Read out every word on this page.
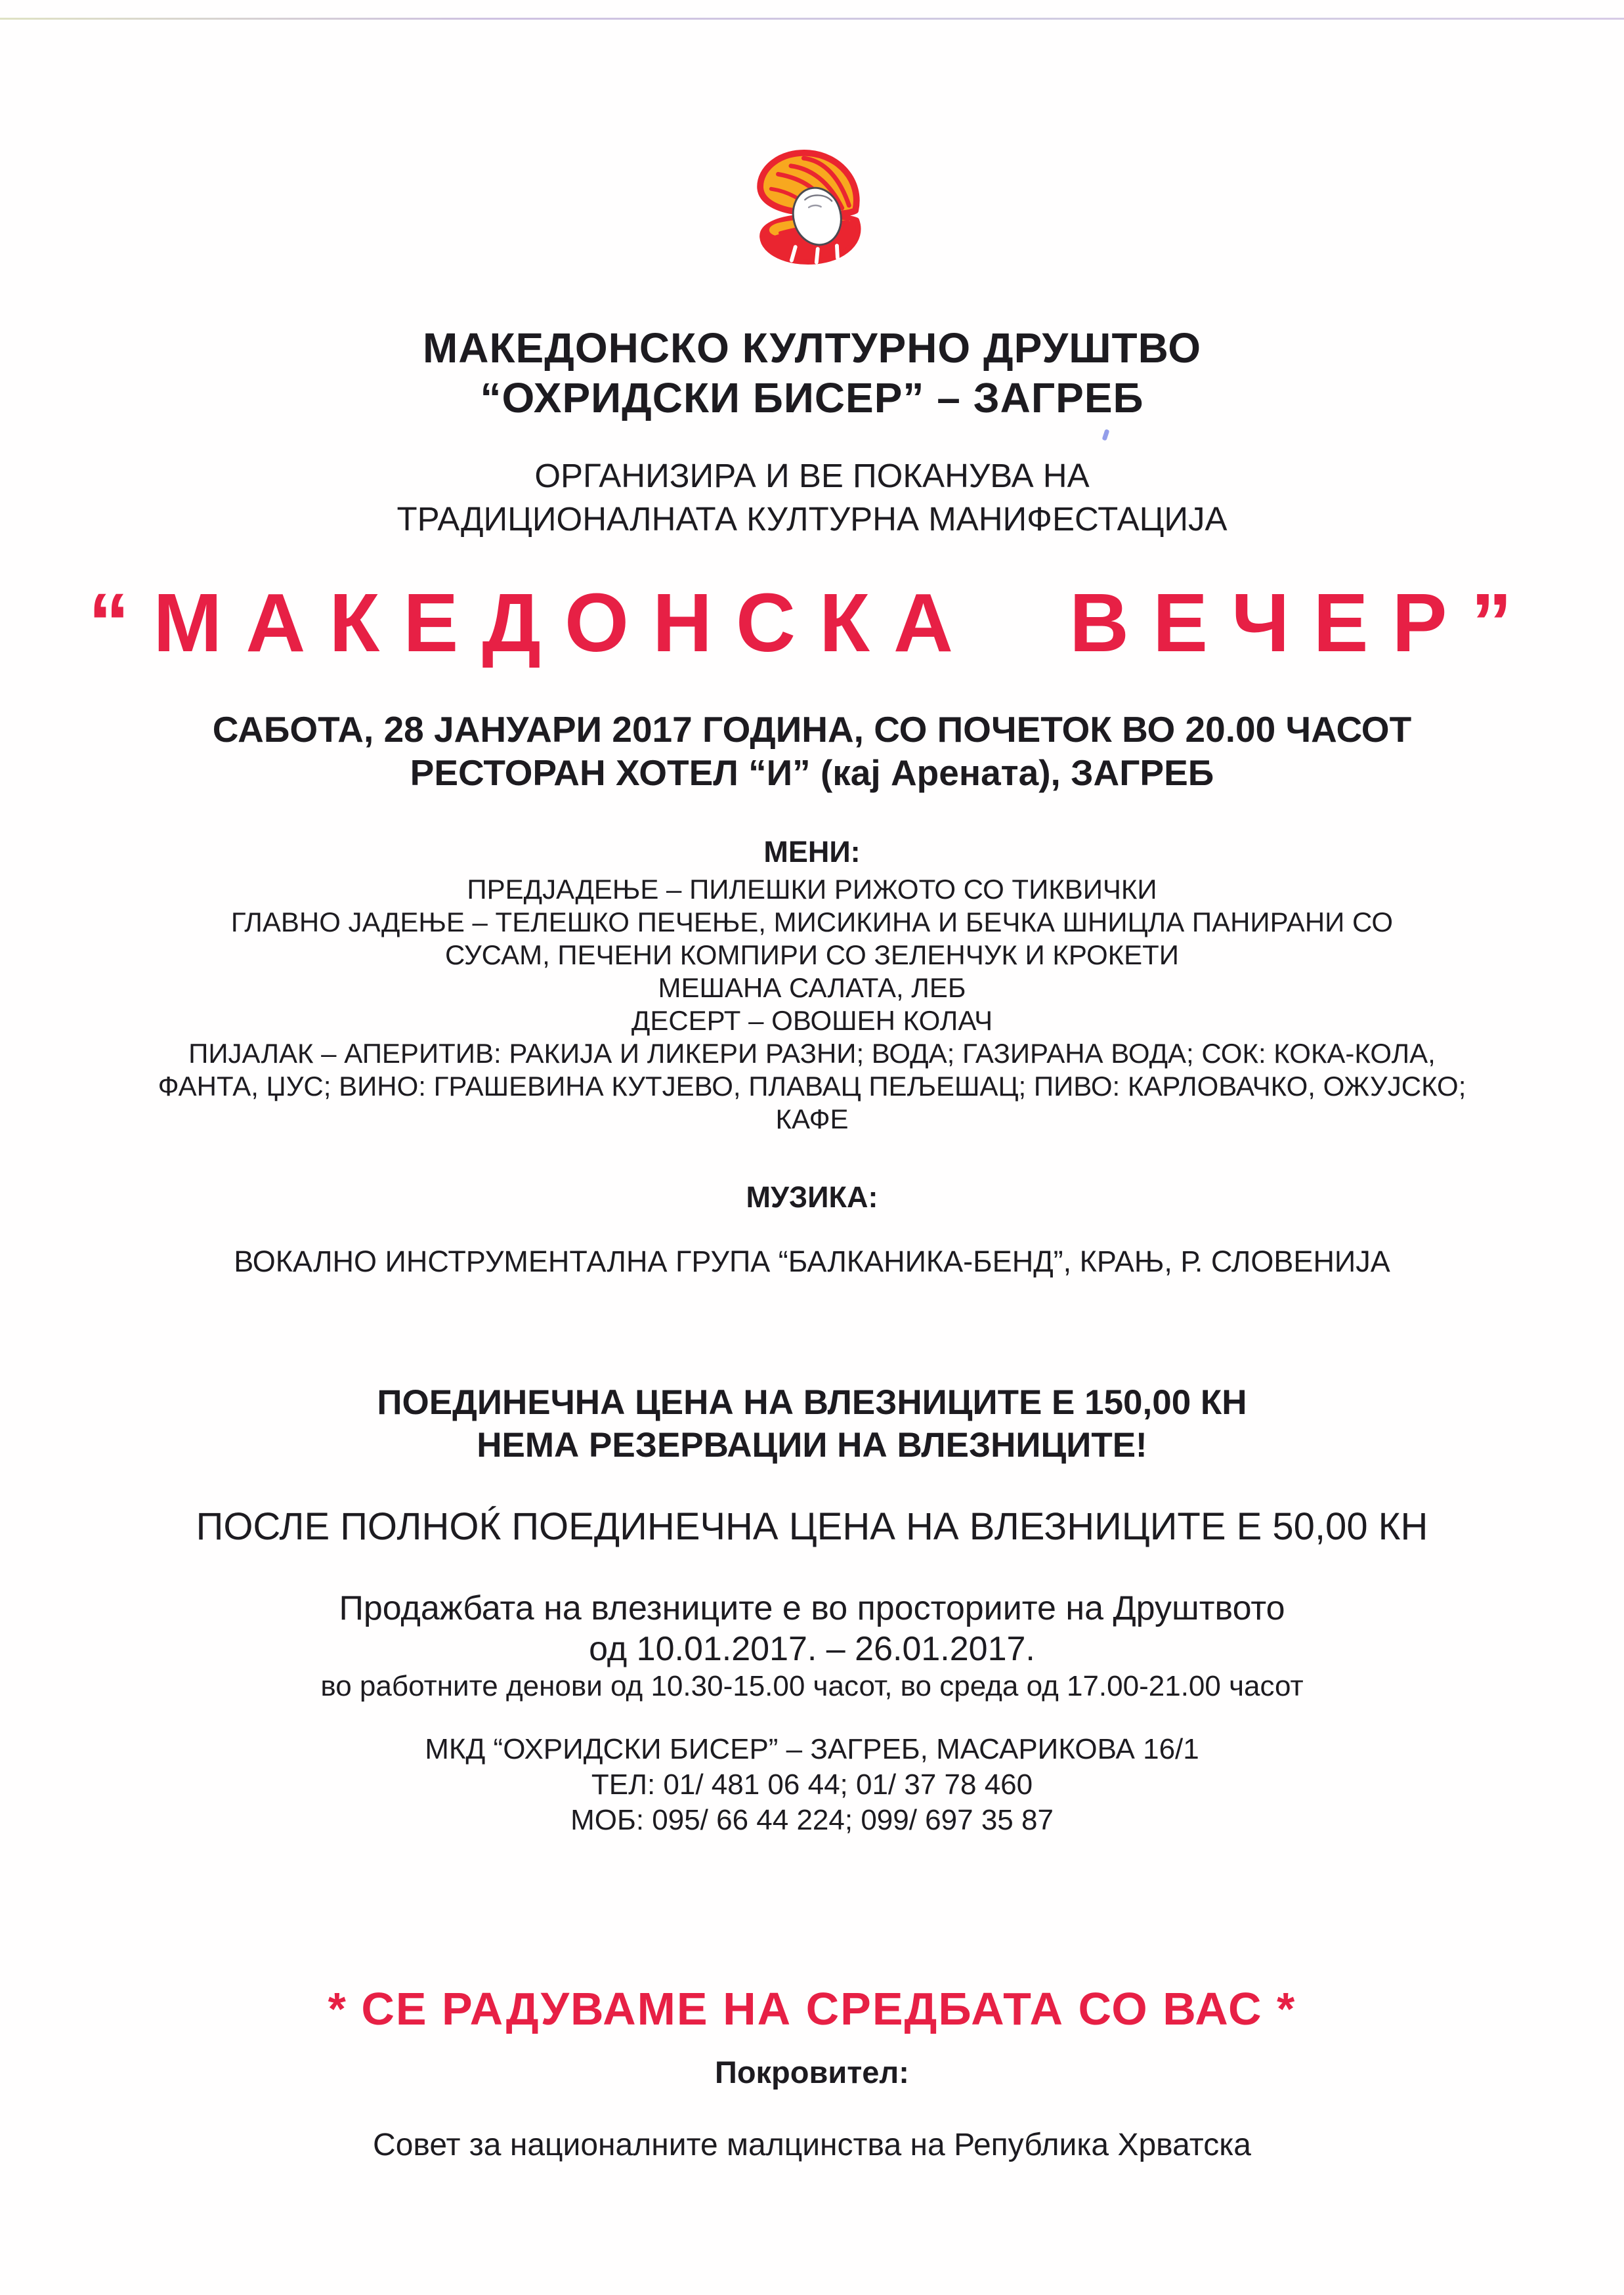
МАКЕДОНСКО КУЛТУРНО ДРУШТВО
“ОХРИДСКИ БИСЕР” – ЗАГРЕБ
ОРГАНИЗИРА И ВЕ ПОКАНУВА НА
ТРАДИЦИОНАЛНАТА КУЛТУРНА МАНИФЕСТАЦИЈА
“МАКЕДОНСКА ВЕЧЕР”
САБОТА, 28 ЈАНУАРИ 2017 ГОДИНА, СО ПОЧЕТОК ВО 20.00 ЧАСОТ
РЕСТОРАН ХОТЕЛ “И” (кај Арената), ЗАГРЕБ
МЕНИ:
ПРЕДЈАДЕЊЕ – ПИЛЕШКИ РИЖОТО СО ТИКВИЧКИ
ГЛАВНО ЈАДЕЊЕ – ТЕЛЕШКО ПЕЧЕЊЕ, МИСИКИНА И БЕЧКА ШНИЦЛА ПАНИРАНИ СО
СУСАМ, ПЕЧЕНИ КОМПИРИ СО ЗЕЛЕНЧУК И КРОКЕТИ
МЕШАНА САЛАТА, ЛЕБ
ДЕСЕРТ – ОВОШЕН КОЛАЧ
ПИЈАЛАК – АПЕРИТИВ: РАКИЈА И ЛИКЕРИ РАЗНИ; ВОДА; ГАЗИРАНА ВОДА; СОК: КОКА-КОЛА,
ФАНТА, ЏУС; ВИНО: ГРАШЕВИНА КУТЈЕВО, ПЛАВАЦ ПЕЉЕШАЦ; ПИВО: КАРЛОВАЧКО, ОЖУЈСКО;
КАФЕ
МУЗИКА:
ВОКАЛНО ИНСТРУМЕНТАЛНА ГРУПА “БАЛКАНИКА-БЕНД”, КРАЊ, Р. СЛОВЕНИЈА
ПОЕДИНЕЧНА ЦЕНА НА ВЛЕЗНИЦИТЕ Е 150,00 КН
НЕМА РЕЗЕРВАЦИИ НА ВЛЕЗНИЦИТЕ!
ПОСЛЕ ПОЛНОЌ ПОЕДИНЕЧНА ЦЕНА НА ВЛЕЗНИЦИТЕ Е 50,00 КН
Продажбата на влезниците е во просториите на Друштвото
од 10.01.2017. – 26.01.2017.
во работните денови од 10.30-15.00 часот, во среда од 17.00-21.00 часот
МКД “ОХРИДСКИ БИСЕР” – ЗАГРЕБ, МАСАРИКОВА 16/1
ТЕЛ: 01/ 481 06 44; 01/ 37 78 460
МОБ: 095/ 66 44 224; 099/ 697 35 87
* СЕ РАДУВАМЕ НА СРЕДБАТА СО ВАС *
Покровител:
Совет за националните малцинства на Република Хрватска
